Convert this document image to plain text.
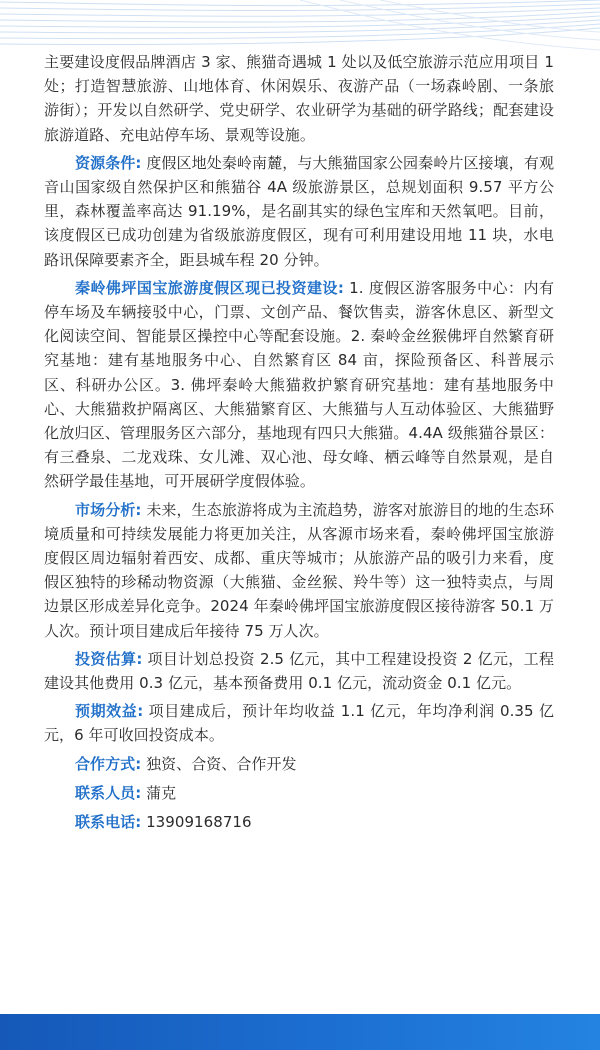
主要建设度假品牌酒店 3 家、熊猫奇遇城 1 处以及低空旅游示范应用项目 1 处；打造智慧旅游、山地体育、休闲娱乐、夜游产品（一场森岭剧、一条旅游街）；开发以自然研学、党史研学、农业研学为基础的研学路线；配套建设旅游道路、充电站停车场、景观等设施。

资源条件: 度假区地处秦岭南麓，与大熊猫国家公园秦岭片区接壤，有观音山国家级自然保护区和熊猫谷 4A 级旅游景区，总规划面积 9.57 平方公里，森林覆盖率高达 91.19%，是名副其实的绿色宝库和天然氧吧。目前，该度假区已成功创建为省级旅游度假区，现有可利用建设用地 11 块，水电路讯保障要素齐全，距县城车程 20 分钟。

秦岭佛坪国宝旅游度假区现已投资建设: 1. 度假区游客服务中心：内有停车场及车辆接驳中心，门票、文创产品、餐饮售卖，游客休息区、新型文化阅读空间、智能景区操控中心等配套设施。2. 秦岭金丝猴佛坪自然繁育研究基地：建有基地服务中心、自然繁育区 84 亩，探险预备区、科普展示区、科研办公区。3. 佛坪秦岭大熊猫救护繁育研究基地：建有基地服务中心、大熊猫救护隔离区、大熊猫繁育区、大熊猫与人互动体验区、大熊猫野化放归区、管理服务区六部分，基地现有四只大熊猫。4.4A 级熊猫谷景区：有三叠泉、二龙戏珠、女儿滩、双心池、母女峰、栖云峰等自然景观，是自然研学最佳基地，可开展研学度假体验。

市场分析: 未来，生态旅游将成为主流趋势，游客对旅游目的地的生态环境质量和可持续发展能力将更加关注，从客源市场来看，秦岭佛坪国宝旅游度假区周边辐射着西安、成都、重庆等城市；从旅游产品的吸引力来看，度假区独特的珍稀动物资源（大熊猫、金丝猴、羚牛等）这一独特卖点，与周边景区形成差异化竞争。2024 年秦岭佛坪国宝旅游度假区接待游客 50.1 万人次。预计项目建成后年接待 75 万人次。

投资估算: 项目计划总投资 2.5 亿元，其中工程建设投资 2 亿元，工程建设其他费用 0.3 亿元，基本预备费用 0.1 亿元，流动资金 0.1 亿元。

预期效益: 项目建成后，预计年均收益 1.1 亿元，年均净利润 0.35 亿元，6 年可收回投资成本。

合作方式: 独资、合资、合作开发

联系人员: 蒲克

联系电话: 13909168716
